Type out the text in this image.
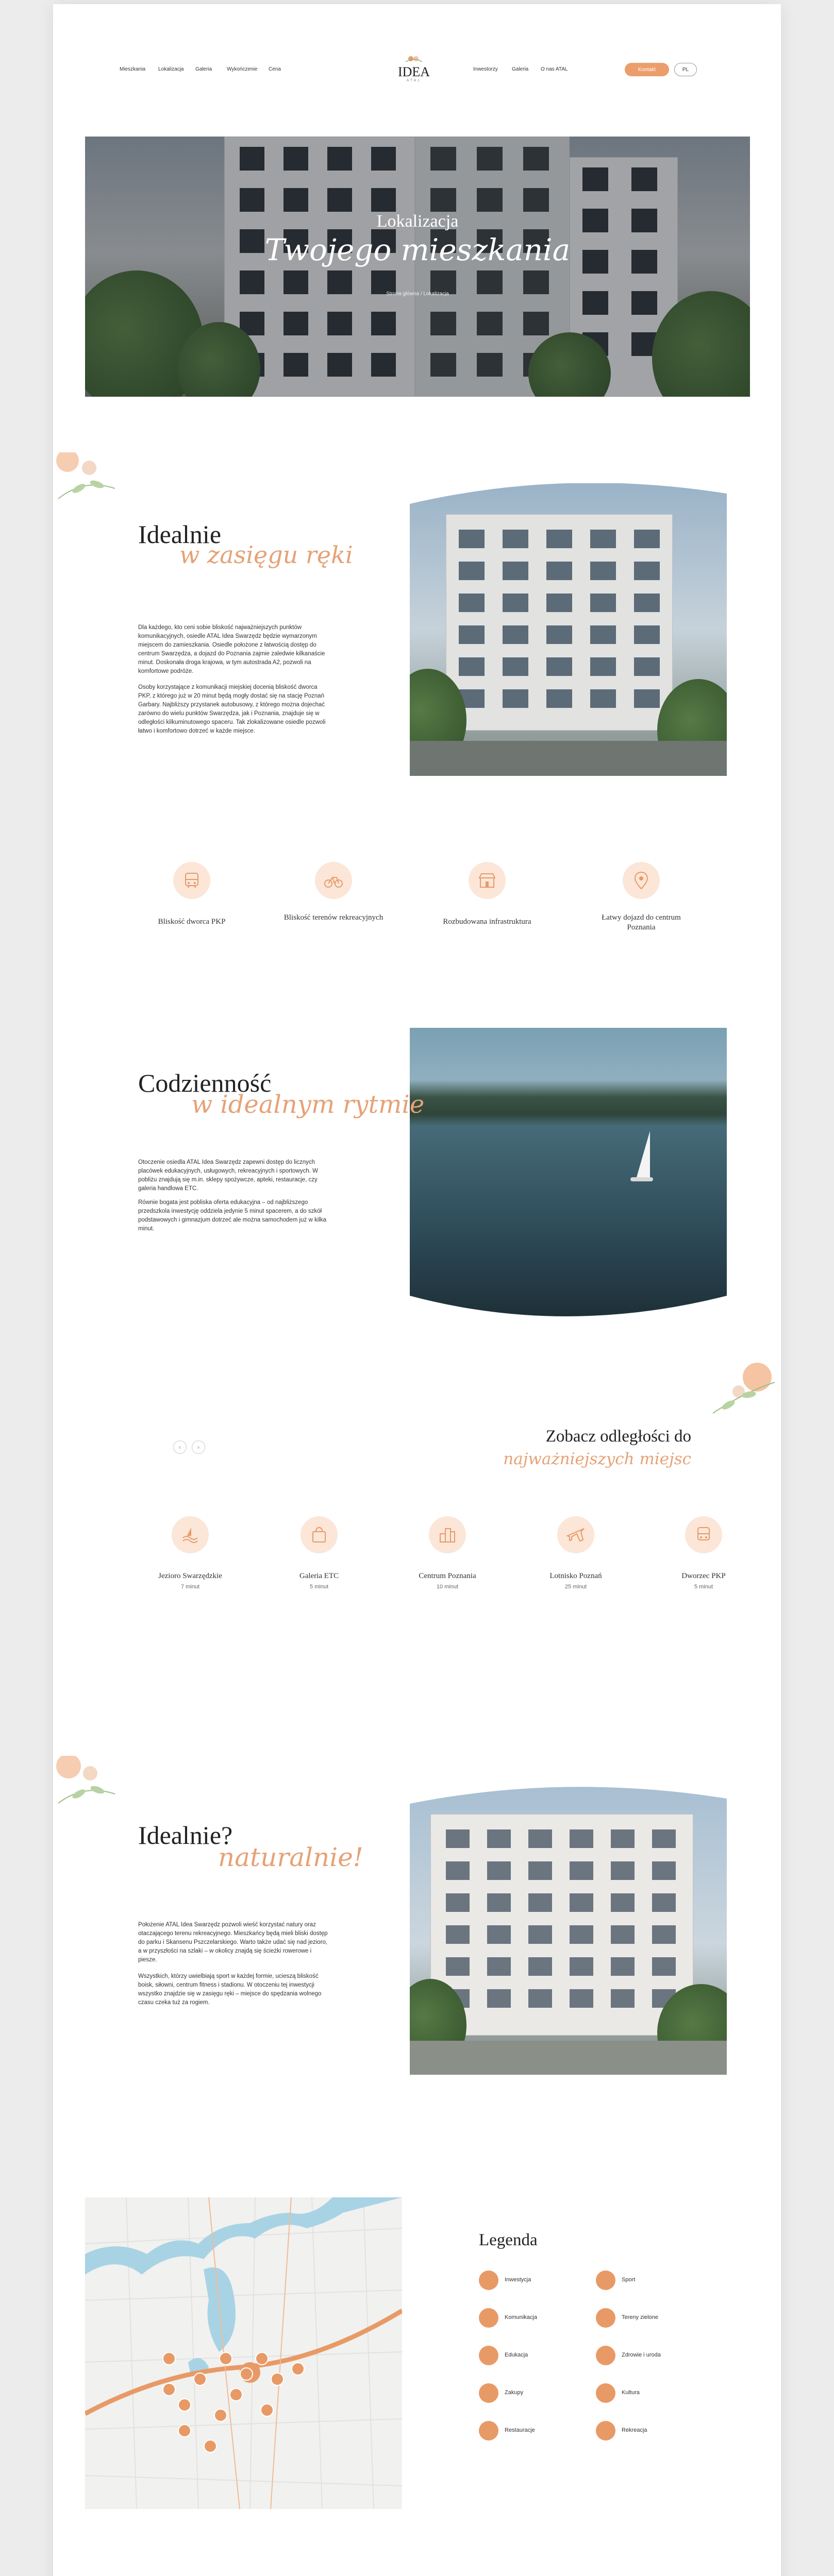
Mieszkania Lokalizacja Galeria	Wykończenie Cena	Inwestorzy	Galeria O nas ATAL
IDEA
ATAL
Kontakt	PL
Lokalizacja
Twojego mieszkania
Strona główna / Lokalizacja
Idealnie
w zasięgu ręki
Dla każdego, kto ceni sobie bliskość najważniejszych punktów komunikacyjnych, osiedle ATAL Idea Swarzędz będzie wymarzonym miejscem do zamieszkania. Osiedle położone z łatwością dostęp do centrum Swarzędza, a dojazd do Poznania zajmie zaledwie kilkanaście minut. Doskonała droga krajowa, w tym autostrada A2, pozwoli na komfortowe podróże.
Osoby korzystające z komunikacji miejskiej docenią bliskość dworca PKP, z którego już w 20 minut będą mogły dostać się na stację Poznań Garbary. Najbliższy przystanek autobusowy, z którego można dojechać zarówno do wielu punktów Swarzędza, jak i Poznania, znajduje się w odległości kilkuminutowego spaceru. Tak zlokalizowane osiedle pozwoli łatwo i komfortowo dotrzeć w każde miejsce.
Bliskość dworca PKP	Bliskość terenów rekreacyjnych	Rozbudowana infrastruktura	Łatwy dojazd do centrum Poznania
Codzienność
w idealnym rytmie
Otoczenie osiedla ATAL Idea Swarzędz zapewni dostęp do licznych placówek edukacyjnych, usługowych, rekreacyjnych i sportowych. W pobliżu znajdują się m.in. sklepy spożywcze, apteki, restauracje, czy galeria handlowa ETC.
Równie bogata jest pobliska oferta edukacyjna – od najbliższego przedszkola inwestycję oddziela jedynie 5 minut spacerem, a do szkół podstawowych i gimnazjum dotrzeć ale można samochodem już w kilka minut.
‹	›
Zobacz odległości do
najważniejszych miejsc
Jezioro Swarzędzkie
7 minut
Galeria ETC
5 minut
Centrum Poznania
10 minut
Lotnisko Poznań
25 minut
Dworzec PKP
5 minut
Idealnie?
naturalnie!
Położenie ATAL Idea Swarzędz pozwoli wieść korzystać natury oraz otaczającego terenu rekreacyjnego. Mieszkańcy będą mieli bliski dostęp do parku i Skansenu Pszczelarskiego. Warto także udać się nad jezioro, a w przyszłości na szlaki – w okolicy znajdą się ścieżki rowerowe i piesze.
Wszystkich, którzy uwielbiają sport w każdej formie, ucieszą bliskość boisk, siłowni, centrum fitness i stadionu. W otoczeniu tej inwestycji wszystko znajdzie się w zasięgu ręki – miejsce do spędzania wolnego czasu czeka tuż za rogiem.
Legenda
Inwestycja	Sport
Komunikacja	Tereny zielone
Edukacja	Zdrowie i uroda
Zakupy	Kultura
Restauracje	Rekreacja
